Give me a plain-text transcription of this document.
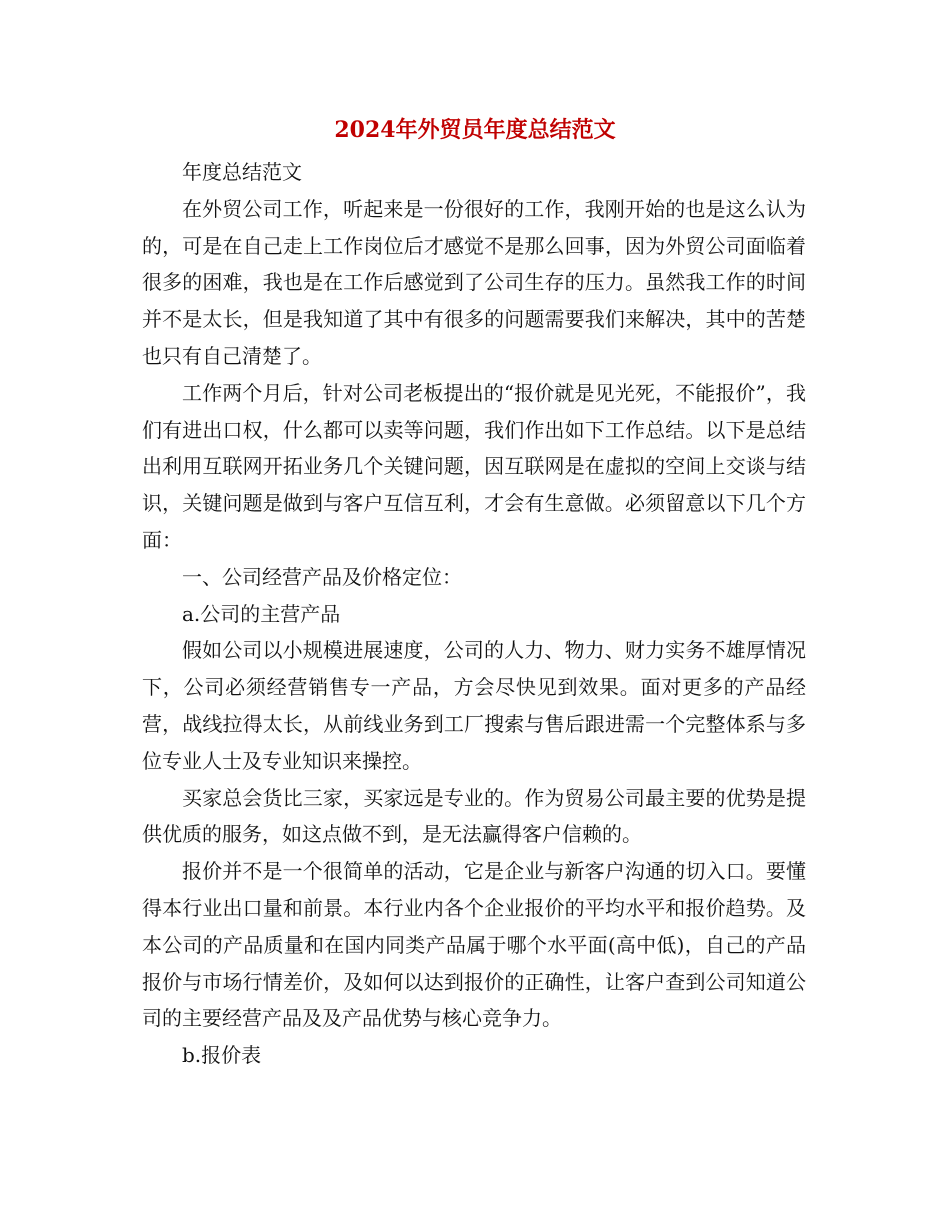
2024年外贸员年度总结范文

年度总结范文

在外贸公司工作，听起来是一份很好的工作，我刚开始的也是这么认为的，可是在自己走上工作岗位后才感觉不是那么回事，因为外贸公司面临着很多的困难，我也是在工作后感觉到了公司生存的压力。虽然我工作的时间并不是太长，但是我知道了其中有很多的问题需要我们来解决，其中的苦楚也只有自己清楚了。

工作两个月后，针对公司老板提出的“报价就是见光死，不能报价”，我们有进出口权，什么都可以卖等问题，我们作出如下工作总结。以下是总结出利用互联网开拓业务几个关键问题，因互联网是在虚拟的空间上交谈与结识，关键问题是做到与客户互信互利，才会有生意做。必须留意以下几个方面：

一、公司经营产品及价格定位：

a.公司的主营产品

假如公司以小规模进展速度，公司的人力、物力、财力实务不雄厚情况下，公司必须经营销售专一产品，方会尽快见到效果。面对更多的产品经营，战线拉得太长，从前线业务到工厂搜索与售后跟进需一个完整体系与多位专业人士及专业知识来操控。

买家总会货比三家，买家远是专业的。作为贸易公司最主要的优势是提供优质的服务，如这点做不到，是无法赢得客户信赖的。

报价并不是一个很简单的活动，它是企业与新客户沟通的切入口。要懂得本行业出口量和前景。本行业内各个企业报价的平均水平和报价趋势。及本公司的产品质量和在国内同类产品属于哪个水平面(高中低)，自己的产品报价与市场行情差价，及如何以达到报价的正确性，让客户查到公司知道公司的主要经营产品及及产品优势与核心竞争力。

b.报价表
